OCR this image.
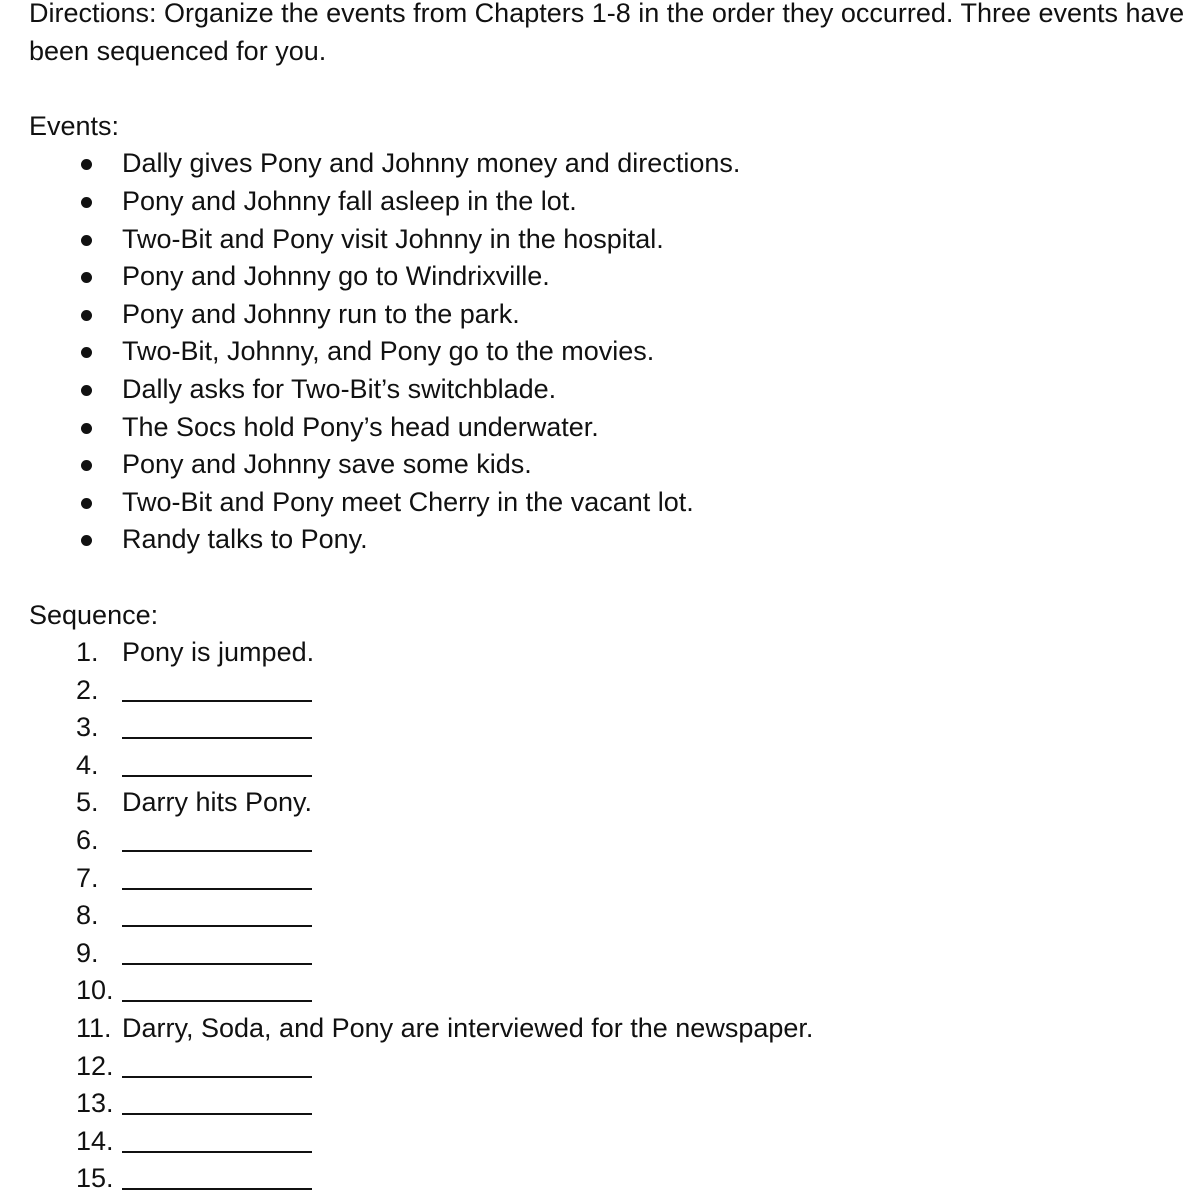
Directions: Organize the events from Chapters 1-8 in the order they occurred. Three events have been sequenced for you.

Events:

Dally gives Pony and Johnny money and directions.
Pony and Johnny fall asleep in the lot.
Two-Bit and Pony visit Johnny in the hospital.
Pony and Johnny go to Windrixville.
Pony and Johnny run to the park.
Two-Bit, Johnny, and Pony go to the movies.
Dally asks for Two-Bit’s switchblade.
The Socs hold Pony’s head underwater.
Pony and Johnny save some kids.
Two-Bit and Pony meet Cherry in the vacant lot.
Randy talks to Pony.

Sequence:

1. Pony is jumped.
2.
3.
4.
5. Darry hits Pony.
6.
7.
8.
9.
10.
11. Darry, Soda, and Pony are interviewed for the newspaper.
12.
13.
14.
15.
